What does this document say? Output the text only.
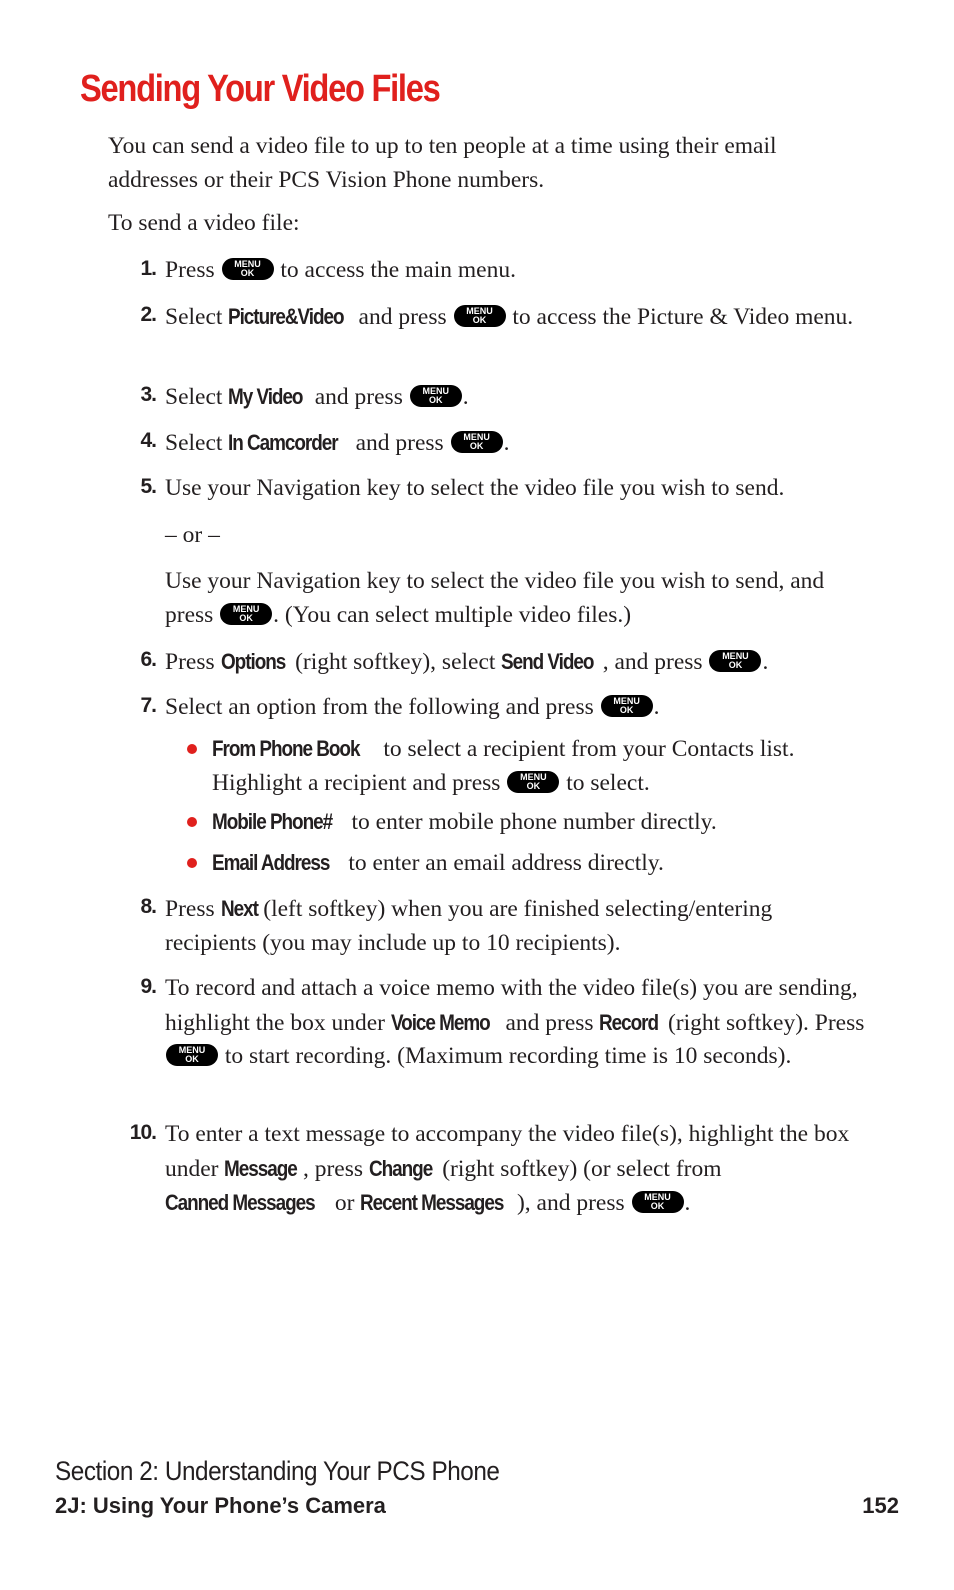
Sending Your Video Files

You can send a video file to up to ten people at a time using their email addresses or their PCS Vision Phone numbers.

To send a video file:

1. Press	MENU
OK	to access the main menu.

2. Select Picture&Video and press	MENU
OK	to access the Picture & Video menu.

3. Select My Video and press	MENU
OK .

4. Select In Camcorder and press	MENU
OK .

5. Use your Navigation key to select the video file you wish to send.

– or –

Use your Navigation key to select the video file you wish to send, and press	MENU
OK . (You can select multiple video files.)

6. Press Options (right softkey), select Send Video , and press	MENU
OK .

7. Select an option from the following and press	MENU
OK .

From Phone Book to select a recipient from your Contacts list. Highlight a recipient and press	MENU
OK	to select.

Mobile Phone# to enter mobile phone number directly.

Email Address to enter an email address directly.

8. Press Next (left softkey) when you are finished selecting/entering recipients (you may include up to 10 recipients).

9. To record and attach a voice memo with the video file(s) you are sending, highlight the box under Voice Memo and press Record (right softkey). Press
MENU
OK	to start recording. (Maximum recording time is 10 seconds).

10. To enter a text message to accompany the video file(s), highlight the box under Message , press Change (right softkey) (or select from Canned Messages or Recent Messages ), and press	MENU
OK .

Section 2: Understanding Your PCS Phone

2J: Using Your Phone’s Camera	152
